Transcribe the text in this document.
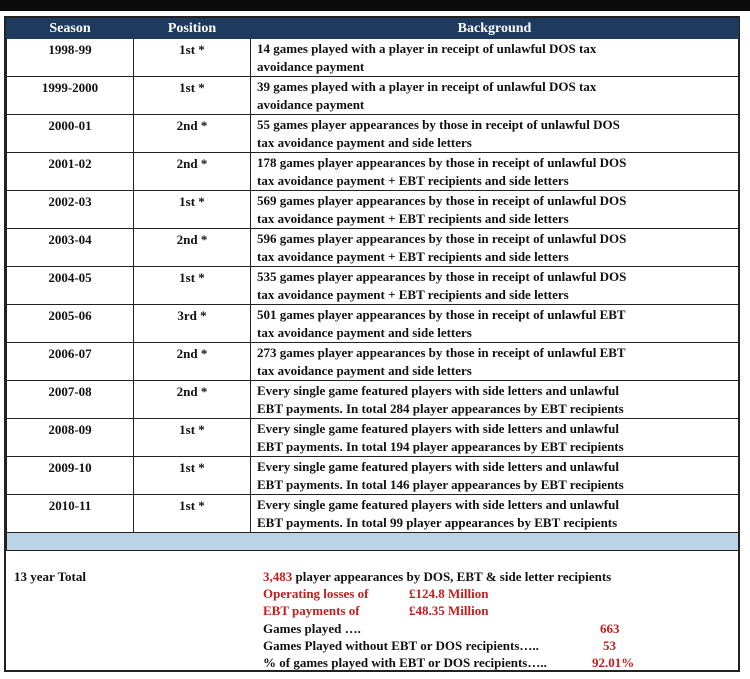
Season	Position	Background
1998-99	1st *	14 games played with a player in receipt of unlawful DOS tax
avoidance payment

1999-2000	1st *	39 games played with a player in receipt of unlawful DOS tax
avoidance payment

2000-01	2nd *	55 games player appearances by those in receipt of unlawful DOS
tax avoidance payment and side letters

2001-02	2nd *	178 games player appearances by those in receipt of unlawful DOS
tax avoidance payment + EBT recipients and side letters

2002-03	1st *	569 games player appearances by those in receipt of unlawful DOS
tax avoidance payment + EBT recipients and side letters

2003-04	2nd *	596 games player appearances by those in receipt of unlawful DOS
tax avoidance payment + EBT recipients and side letters

2004-05	1st *	535 games player appearances by those in receipt of unlawful DOS
tax avoidance payment + EBT recipients and side letters

2005-06	3rd *	501 games player appearances by those in receipt of unlawful EBT
tax avoidance payment and side letters

2006-07	2nd *	273 games player appearances by those in receipt of unlawful EBT
tax avoidance payment and side letters

2007-08	2nd *	Every single game featured players with side letters and unlawful
EBT payments. In total 284 player appearances by EBT recipients

2008-09	1st *	Every single game featured players with side letters and unlawful
EBT payments. In total 194 player appearances by EBT recipients

2009-10	1st *	Every single game featured players with side letters and unlawful
EBT payments. In total 146 player appearances by EBT recipients

2010-11	1st *	Every single game featured players with side letters and unlawful
EBT payments. In total 99 player appearances by EBT recipients

13 year Total	3,483 player appearances by DOS, EBT & side letter recipients
Operating losses of	£124.8 Million
EBT payments of	£48.35 Million
Games played ….	663
Games Played without EBT or DOS recipients…..	53
% of games played with EBT or DOS recipients…..	92.01%
